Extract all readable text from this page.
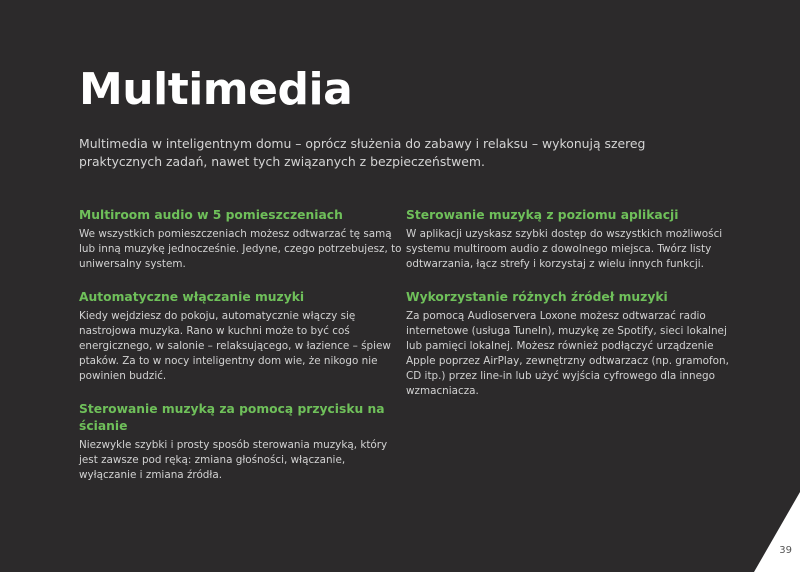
Multimedia

Multimedia w inteligentnym domu – oprócz służenia do zabawy i relaksu – wykonują szereg praktycznych zadań, nawet tych związanych z bezpieczeństwem.

Multiroom audio w 5 pomieszczeniach

We wszystkich pomieszczeniach możesz odtwarzać tę samą lub inną muzykę jednocześnie. Jedyne, czego potrzebujesz, to uniwersalny system.

Automatyczne włączanie muzyki

Kiedy wejdziesz do pokoju, automatycznie włączy się nastrojowa muzyka. Rano w kuchni może to być coś energicznego, w salonie – relaksującego, w łazience – śpiew ptaków. Za to w nocy inteligentny dom wie, że nikogo nie powinien budzić.

Sterowanie muzyką za pomocą przycisku na ścianie

Niezwykle szybki i prosty sposób sterowania muzyką, który jest zawsze pod ręką: zmiana głośności, włączanie, wyłączanie i zmiana źródła.

Sterowanie muzyką z poziomu aplikacji

W aplikacji uzyskasz szybki dostęp do wszystkich możliwości systemu multiroom audio z dowolnego miejsca. Twórz listy odtwarzania, łącz strefy i korzystaj z wielu innych funkcji.

Wykorzystanie różnych źródeł muzyki

Za pomocą Audioservera Loxone możesz odtwarzać radio internetowe (usługa TuneIn), muzykę ze Spotify, sieci lokalnej lub pamięci lokalnej. Możesz również podłączyć urządzenie Apple poprzez AirPlay, zewnętrzny odtwarzacz (np. gramofon, CD itp.) przez line-in lub użyć wyjścia cyfrowego dla innego wzmacniacza.

39
